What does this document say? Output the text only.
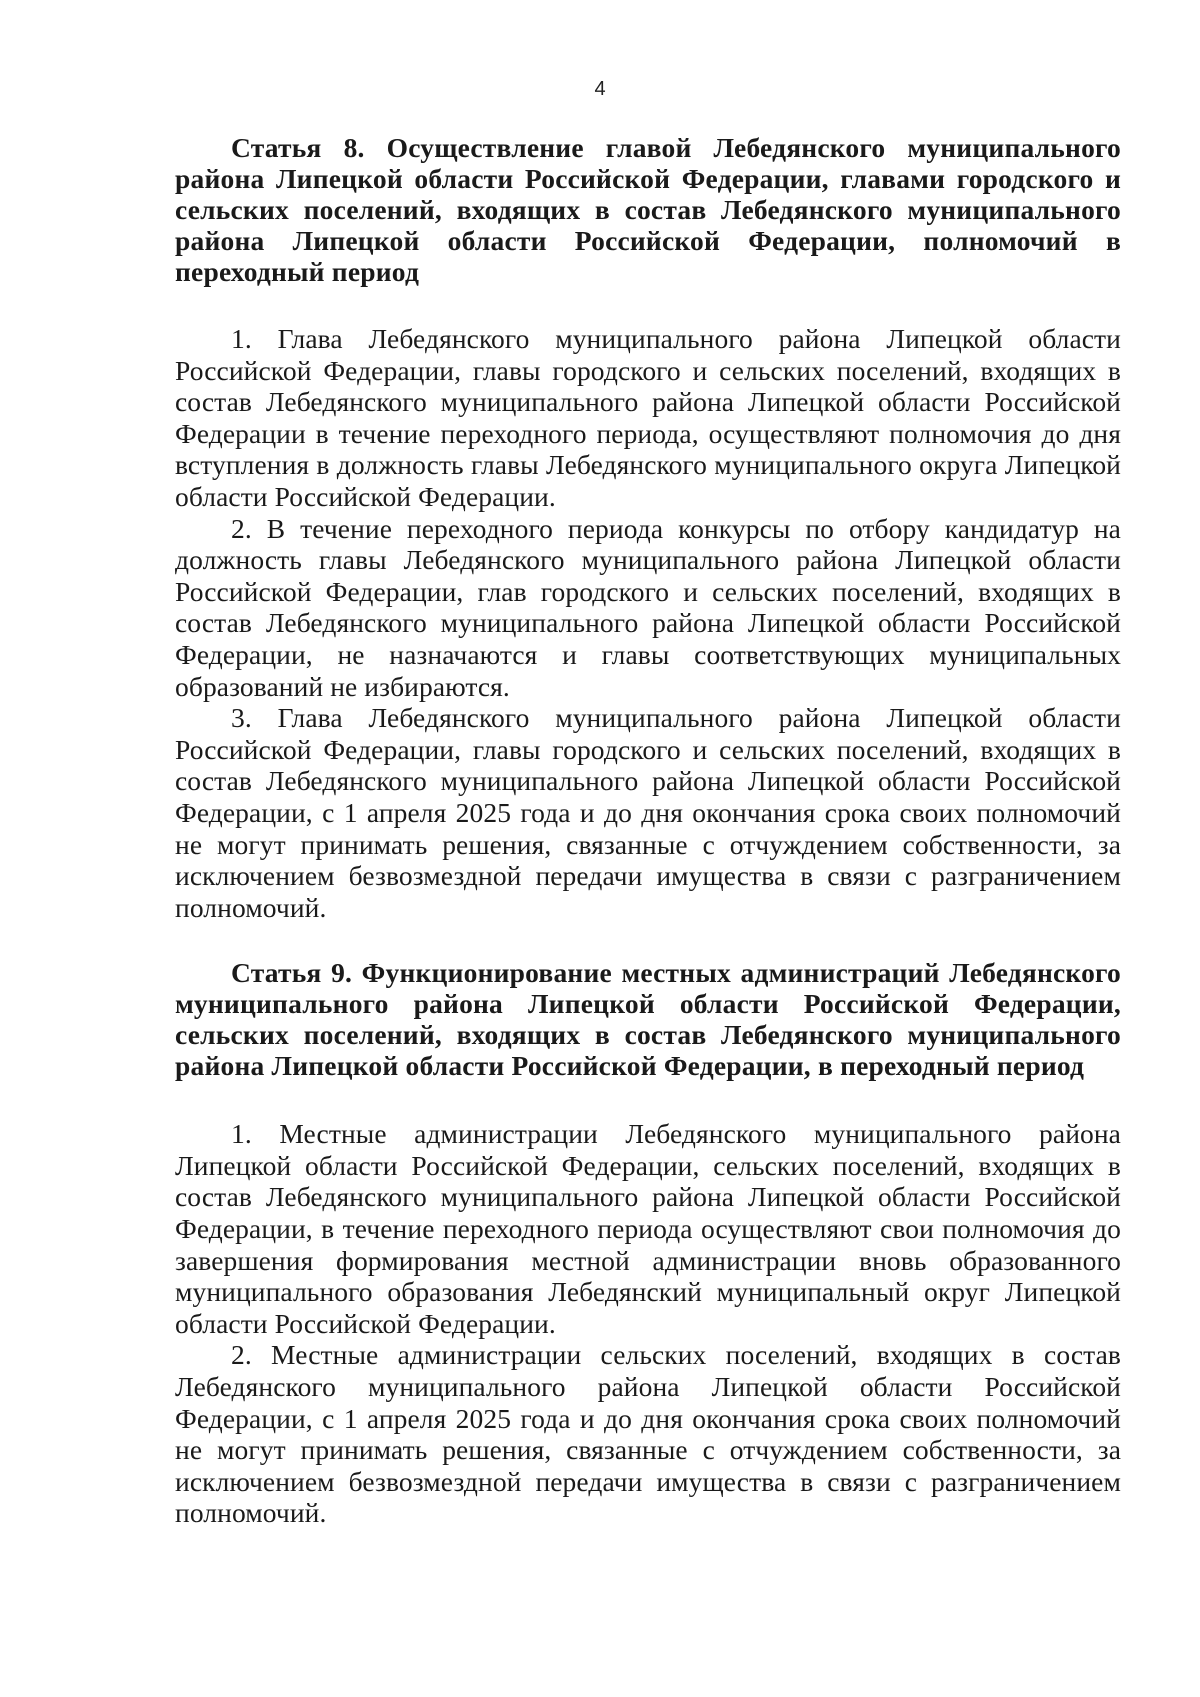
4

Статья 8. Осуществление главой Лебедянского муниципального района Липецкой области Российской Федерации, главами городского и сельских поселений, входящих в состав Лебедянского муниципального района Липецкой области Российской Федерации, полномочий в переходный период

1. Глава Лебедянского муниципального района Липецкой области Российской Федерации, главы городского и сельских поселений, входящих в состав Лебедянского муниципального района Липецкой области Российской Федерации в течение переходного периода, осуществляют полномочия до дня вступления в должность главы Лебедянского муниципального округа Липецкой области Российской Федерации.

2. В течение переходного периода конкурсы по отбору кандидатур на должность главы Лебедянского муниципального района Липецкой области Российской Федерации, глав городского и сельских поселений, входящих в состав Лебедянского муниципального района Липецкой области Российской Федерации, не назначаются и главы соответствующих муниципальных образований не избираются.

3. Глава Лебедянского муниципального района Липецкой области Российской Федерации, главы городского и сельских поселений, входящих в состав Лебедянского муниципального района Липецкой области Российской Федерации, с 1 апреля 2025 года и до дня окончания срока своих полномочий не могут принимать решения, связанные с отчуждением собственности, за исключением безвозмездной передачи имущества в связи с разграничением полномочий.

Статья 9. Функционирование местных администраций Лебедянского муниципального района Липецкой области Российской Федерации, сельских поселений, входящих в состав Лебедянского муниципального района Липецкой области Российской Федерации, в переходный период

1. Местные администрации Лебедянского муниципального района Липецкой области Российской Федерации, сельских поселений, входящих в состав Лебедянского муниципального района Липецкой области Российской Федерации, в течение переходного периода осуществляют свои полномочия до завершения формирования местной администрации вновь образованного муниципального образования Лебедянский муниципальный округ Липецкой области Российской Федерации.

2. Местные администрации сельских поселений, входящих в состав Лебедянского муниципального района Липецкой области Российской Федерации, с 1 апреля 2025 года и до дня окончания срока своих полномочий не могут принимать решения, связанные с отчуждением собственности, за исключением безвозмездной передачи имущества в связи с разграничением полномочий.
